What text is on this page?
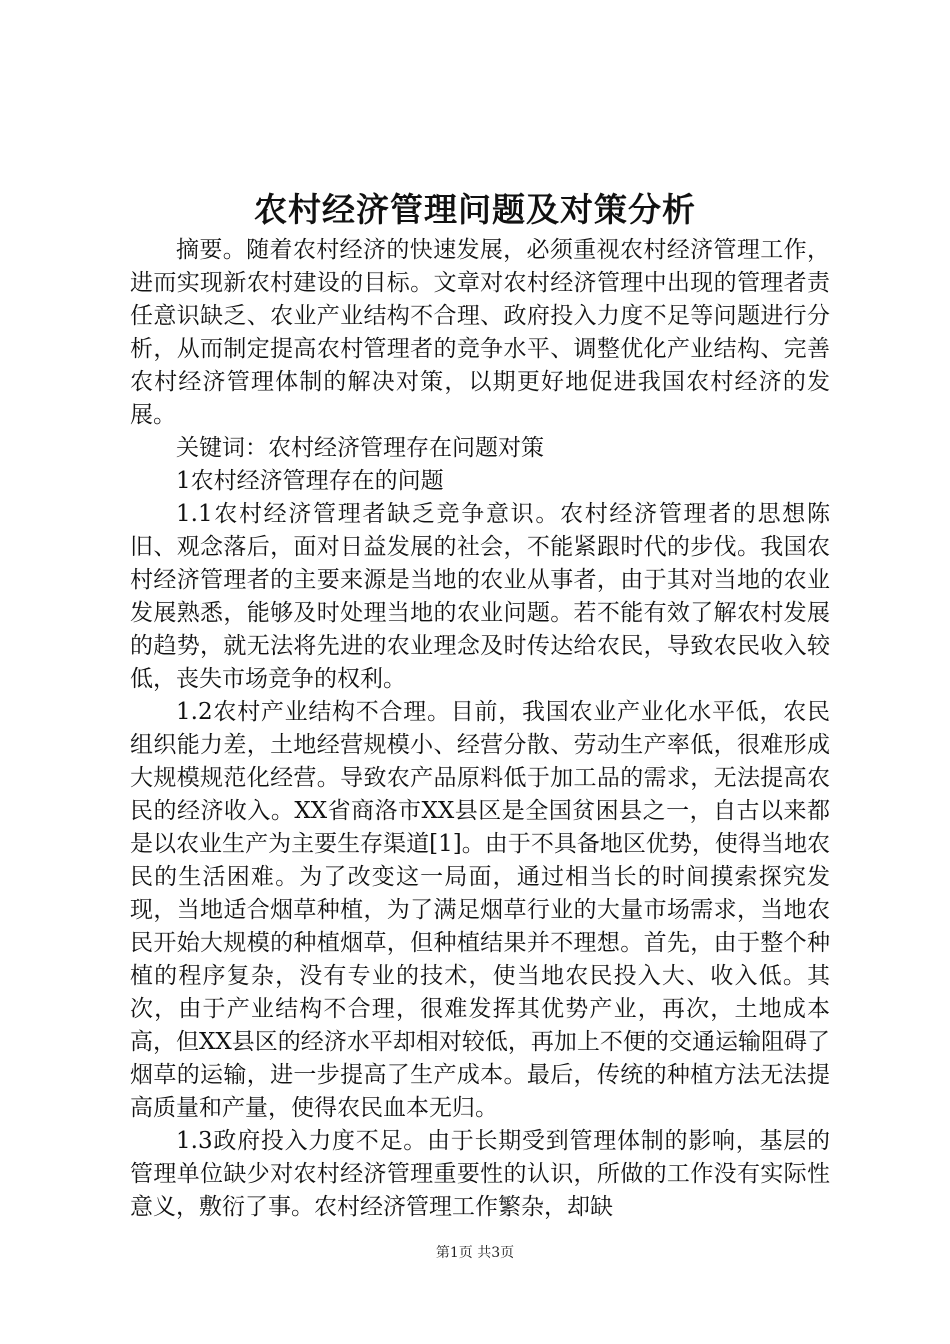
农村经济管理问题及对策分析

摘要。随着农村经济的快速发展，必须重视农村经济管理工作，进而实现新农村建设的目标。文章对农村经济管理中出现的管理者责任意识缺乏、农业产业结构不合理、政府投入力度不足等问题进行分析，从而制定提高农村管理者的竞争水平、调整优化产业结构、完善农村经济管理体制的解决对策，以期更好地促进我国农村经济的发展。

关键词：农村经济管理存在问题对策

1农村经济管理存在的问题

1.1农村经济管理者缺乏竞争意识。农村经济管理者的思想陈旧、观念落后，面对日益发展的社会，不能紧跟时代的步伐。我国农村经济管理者的主要来源是当地的农业从事者，由于其对当地的农业发展熟悉，能够及时处理当地的农业问题。若不能有效了解农村发展的趋势，就无法将先进的农业理念及时传达给农民，导致农民收入较低，丧失市场竞争的权利。

1.2农村产业结构不合理。目前，我国农业产业化水平低，农民组织能力差，土地经营规模小、经营分散、劳动生产率低，很难形成大规模规范化经营。导致农产品原料低于加工品的需求，无法提高农民的经济收入。XX省商洛市XX县区是全国贫困县之一，自古以来都是以农业生产为主要生存渠道[1]。由于不具备地区优势，使得当地农民的生活困难。为了改变这一局面，通过相当长的时间摸索探究发现，当地适合烟草种植，为了满足烟草行业的大量市场需求，当地农民开始大规模的种植烟草，但种植结果并不理想。首先，由于整个种植的程序复杂，没有专业的技术，使当地农民投入大、收入低。其次，由于产业结构不合理，很难发挥其优势产业，再次，土地成本高，但XX县区的经济水平却相对较低，再加上不便的交通运输阻碍了烟草的运输，进一步提高了生产成本。最后，传统的种植方法无法提高质量和产量，使得农民血本无归。

1.3政府投入力度不足。由于长期受到管理体制的影响，基层的管理单位缺少对农村经济管理重要性的认识，所做的工作没有实际性意义，敷衍了事。农村经济管理工作繁杂，却缺

第1页 共3页
